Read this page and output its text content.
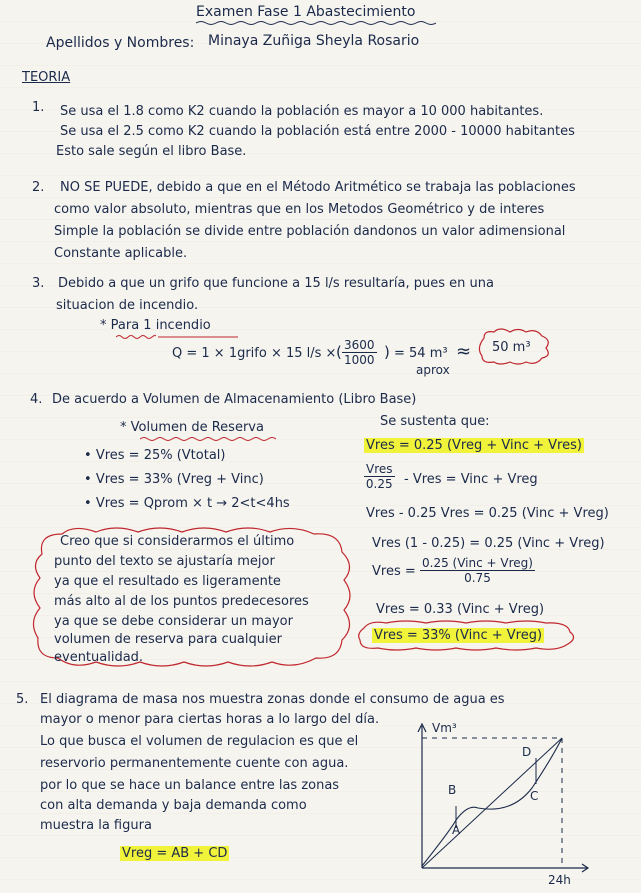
Examen Fase 1 Abastecimiento
Apellidos y Nombres: Minaya Zuñiga Sheyla Rosario
TEORIA
1. Se usa el 1.8 como K2 cuando la población es mayor a 10 000 habitantes.
Se usa el 2.5 como K2 cuando la población está entre 2000 - 10000 habitantes
Esto sale según el libro Base.
2. NO SE PUEDE, debido a que en el Método Aritmético se trabaja las poblaciones
como valor absoluto, mientras que en los Metodos Geométrico y de interes
Simple la población se divide entre población dandonos un valor adimensional
Constante aplicable.
3. Debido a que un grifo que funcione a 15 l/s resultaría, pues en una
situacion de incendio.
* Para 1 incendio
Q = 1 × 1grifo × 15 l/s × ( $\frac{3600}{1000}$ ) = 54 m³ ≈ 50 m³
aprox
4. De acuerdo a Volumen de Almacenamiento (Libro Base)
* Volumen de Reserva
• Vres = 25% (Vtotal)
• Vres = 33% (Vreg + Vinc)
• Vres = Qprom × t → 2<t<4hs
Se sustenta que:
Vres = 0.25 (Vreg + Vinc + Vres)
Vres
0.25 - Vres = Vinc + Vreg
Vres - 0.25 Vres = 0.25 (Vinc + Vreg)
Vres (1 - 0.25) = 0.25 (Vinc + Vreg)
Vres =
0.25 (Vinc + Vreg)
0.75
Vres = 0.33 (Vinc + Vreg)
Vres = 33% (Vinc + Vreg)
Creo que si considerarmos el último
punto del texto se ajustaría mejor
ya que el resultado es ligeramente
más alto al de los puntos predecesores
ya que se debe considerar un mayor
volumen de reserva para cualquier
eventualidad.
5. El diagrama de masa nos muestra zonas donde el consumo de agua es
mayor o menor para ciertas horas a lo largo del día.
Lo que busca el volumen de regulacion es que el
reservorio permanentemente cuente con agua.
por lo que se hace un balance entre las zonas
con alta demanda y baja demanda como
muestra la figura
Vreg = AB + CD
Vm³
24h
A
B	C
D
